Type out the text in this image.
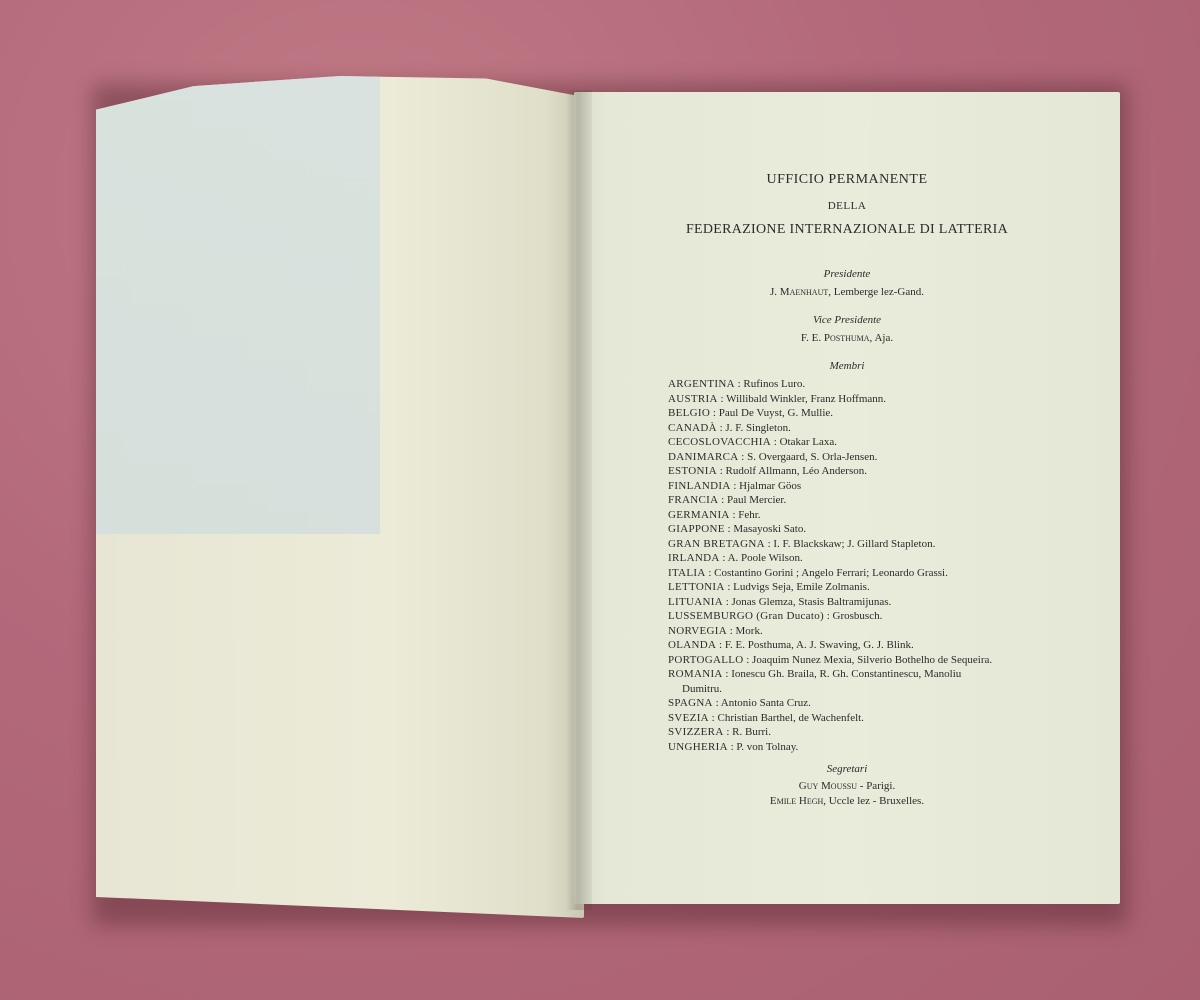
UFFICIO PERMANENTE
DELLA
FEDERAZIONE INTERNAZIONALE DI LATTERIA
Presidente
J. Maenhaut, Lemberge lez-Gand.
Vice Presidente
F. E. Posthuma, Aja.
Membri
ARGENTINA : Rufinos Luro.
AUSTRIA : Willibald Winkler, Franz Hoffmann.
BELGIO : Paul De Vuyst, G. Mullie.
CANADÀ : J. F. Singleton.
CECOSLOVACCHIA : Otakar Laxa.
DANIMARCA : S. Overgaard, S. Orla-Jensen.
ESTONIA : Rudolf Allmann, Léo Anderson.
FINLANDIA : Hjalmar Göos
FRANCIA : Paul Mercier.
GERMANIA : Fehr.
GIAPPONE : Masayoski Sato.
GRAN BRETAGNA : I. F. Blackskaw; J. Gillard Stapleton.
IRLANDA : A. Poole Wilson.
ITALIA : Costantino Gorini ; Angelo Ferrari; Leonardo Grassi.
LETTONIA : Ludvigs Seja, Emile Zolmanis.
LITUANIA : Jonas Glemza, Stasis Baltramijunas.
LUSSEMBURGO (Gran Ducato) : Grosbusch.
NORVEGIA : Mork.
OLANDA : F. E. Posthuma, A. J. Swaving, G. J. Blink.
PORTOGALLO : Joaquim Nunez Mexia, Silverio Bothelho de Sequeira.
ROMANIA : Ionescu Gh. Braila, R. Gh. Constantinescu, Manoliu
Dumitru.
SPAGNA : Antonio Santa Cruz.
SVEZIA : Christian Barthel, de Wachenfelt.
SVIZZERA : R. Burri.
UNGHERIA : P. von Tolnay.
Segretari
Guy Moussu - Parigi.
Emile Hegh, Uccle lez - Bruxelles.
